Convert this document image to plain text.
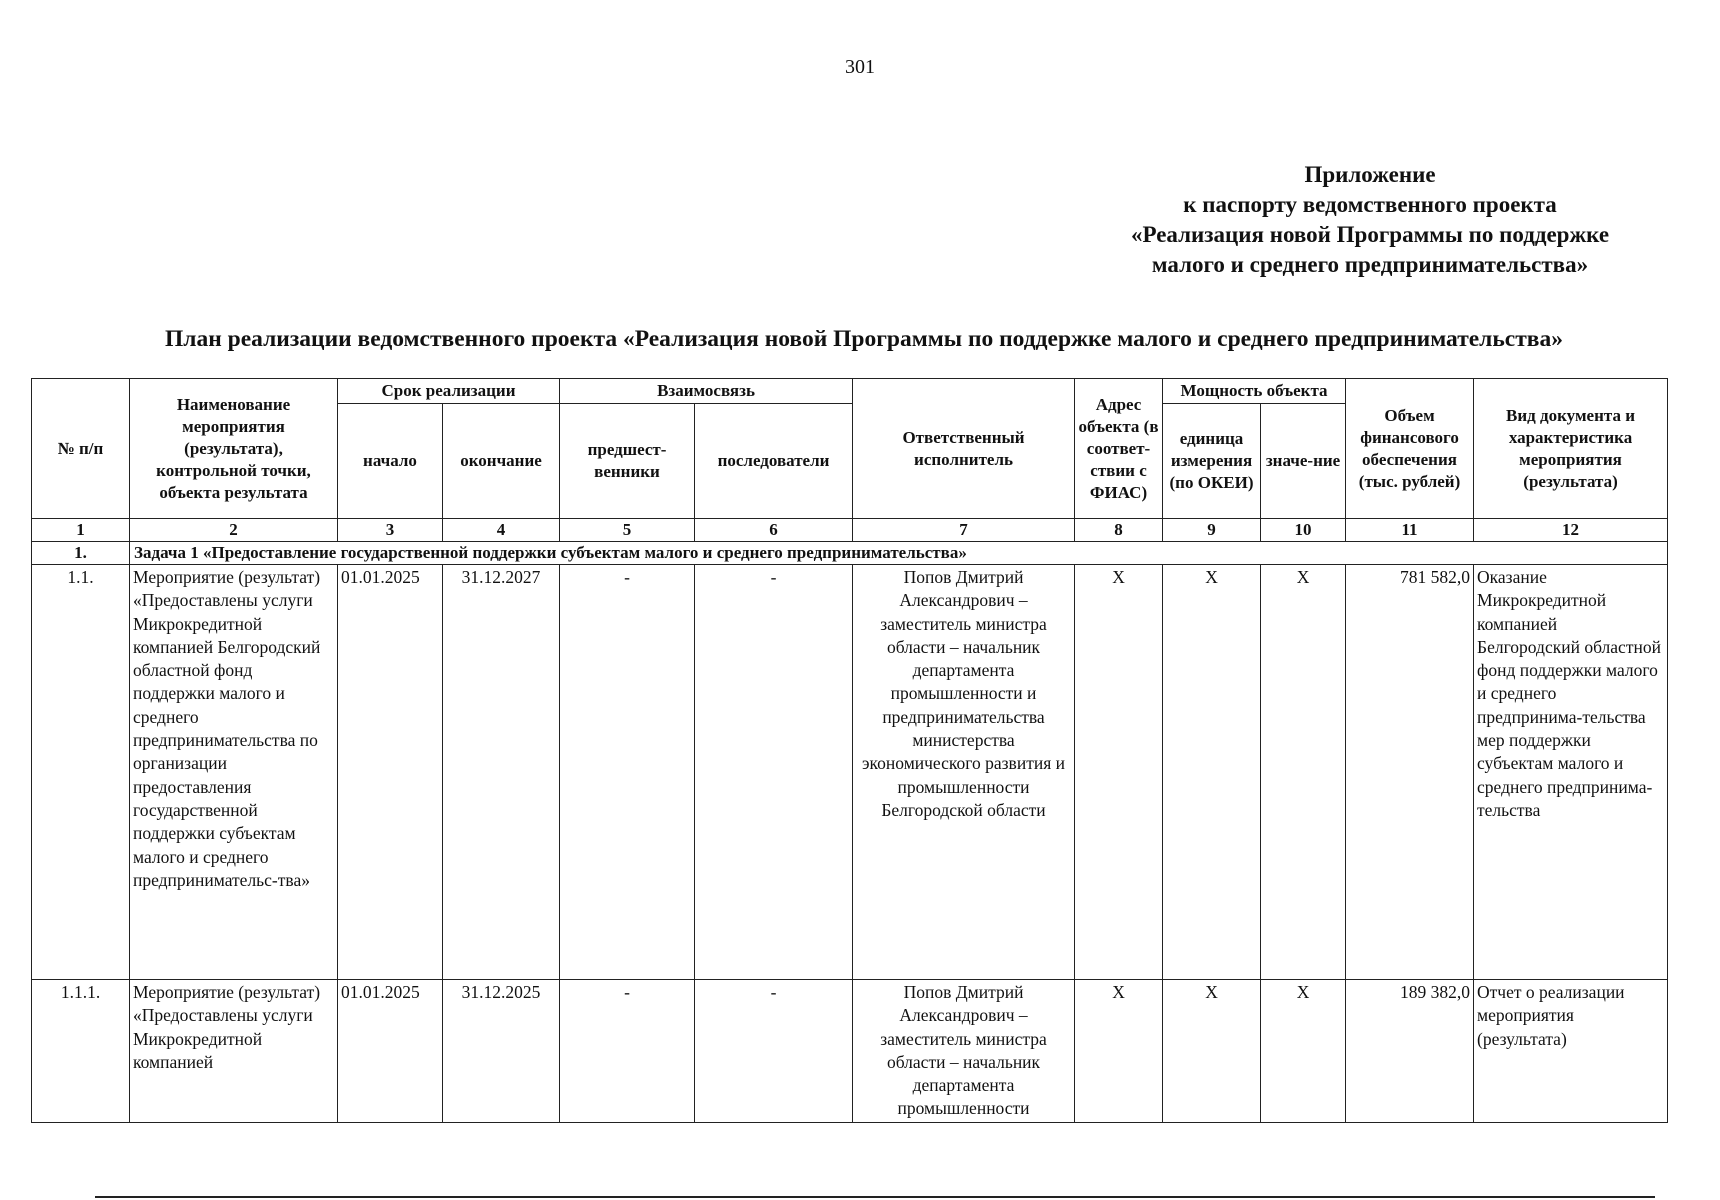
301
Приложение
к паспорту ведомственного проекта
«Реализация новой Программы по поддержке
малого и среднего предпринимательства»
План реализации ведомственного проекта «Реализация новой Программы по поддержке малого и среднего предпринимательства»
№ п/п	Наименование мероприятия (результата), контрольной точки, объекта результата	Срок реализации		Взаимосвязь		Ответственный исполнитель	Адрес объекта (в соответ-ствии с ФИАС)	Мощность объекта		Объем финансового обеспечения (тыс. рублей)	Вид документа и характеристика мероприятия (результата)
		начало	окончание	предшест-венники	последователи			единица измерения (по ОКЕИ)	значе-ние		
1	2	3	4	5	6	7	8	9	10	11	12
1.	Задача 1 «Предоставление государственной поддержки субъектам малого и среднего предпринимательства»										
1.1.	Мероприятие (результат) «Предоставлены услуги Микрокредитной компанией Белгородский областной фонд поддержки малого и среднего предпринимательства по организации предоставления государственной поддержки субъектам малого и среднего предпринимательс-тва»	01.01.2025	31.12.2027	-	-	Попов Дмитрий Александрович – заместитель министра области – начальник департамента промышленности и предпринимательства министерства экономического развития и промышленности Белгородской области	X	X	X	781 582,0	Оказание Микрокредитной компанией Белгородский областной фонд поддержки малого и среднего предпринима-тельства мер поддержки субъектам малого и среднего предпринима-тельства
1.1.1.	Мероприятие (результат) «Предоставлены услуги Микрокредитной компанией	01.01.2025	31.12.2025	-	-	Попов Дмитрий Александрович – заместитель министра области – начальник департамента промышленности	X	X	X	189 382,0	Отчет о реализации мероприятия (результата)
